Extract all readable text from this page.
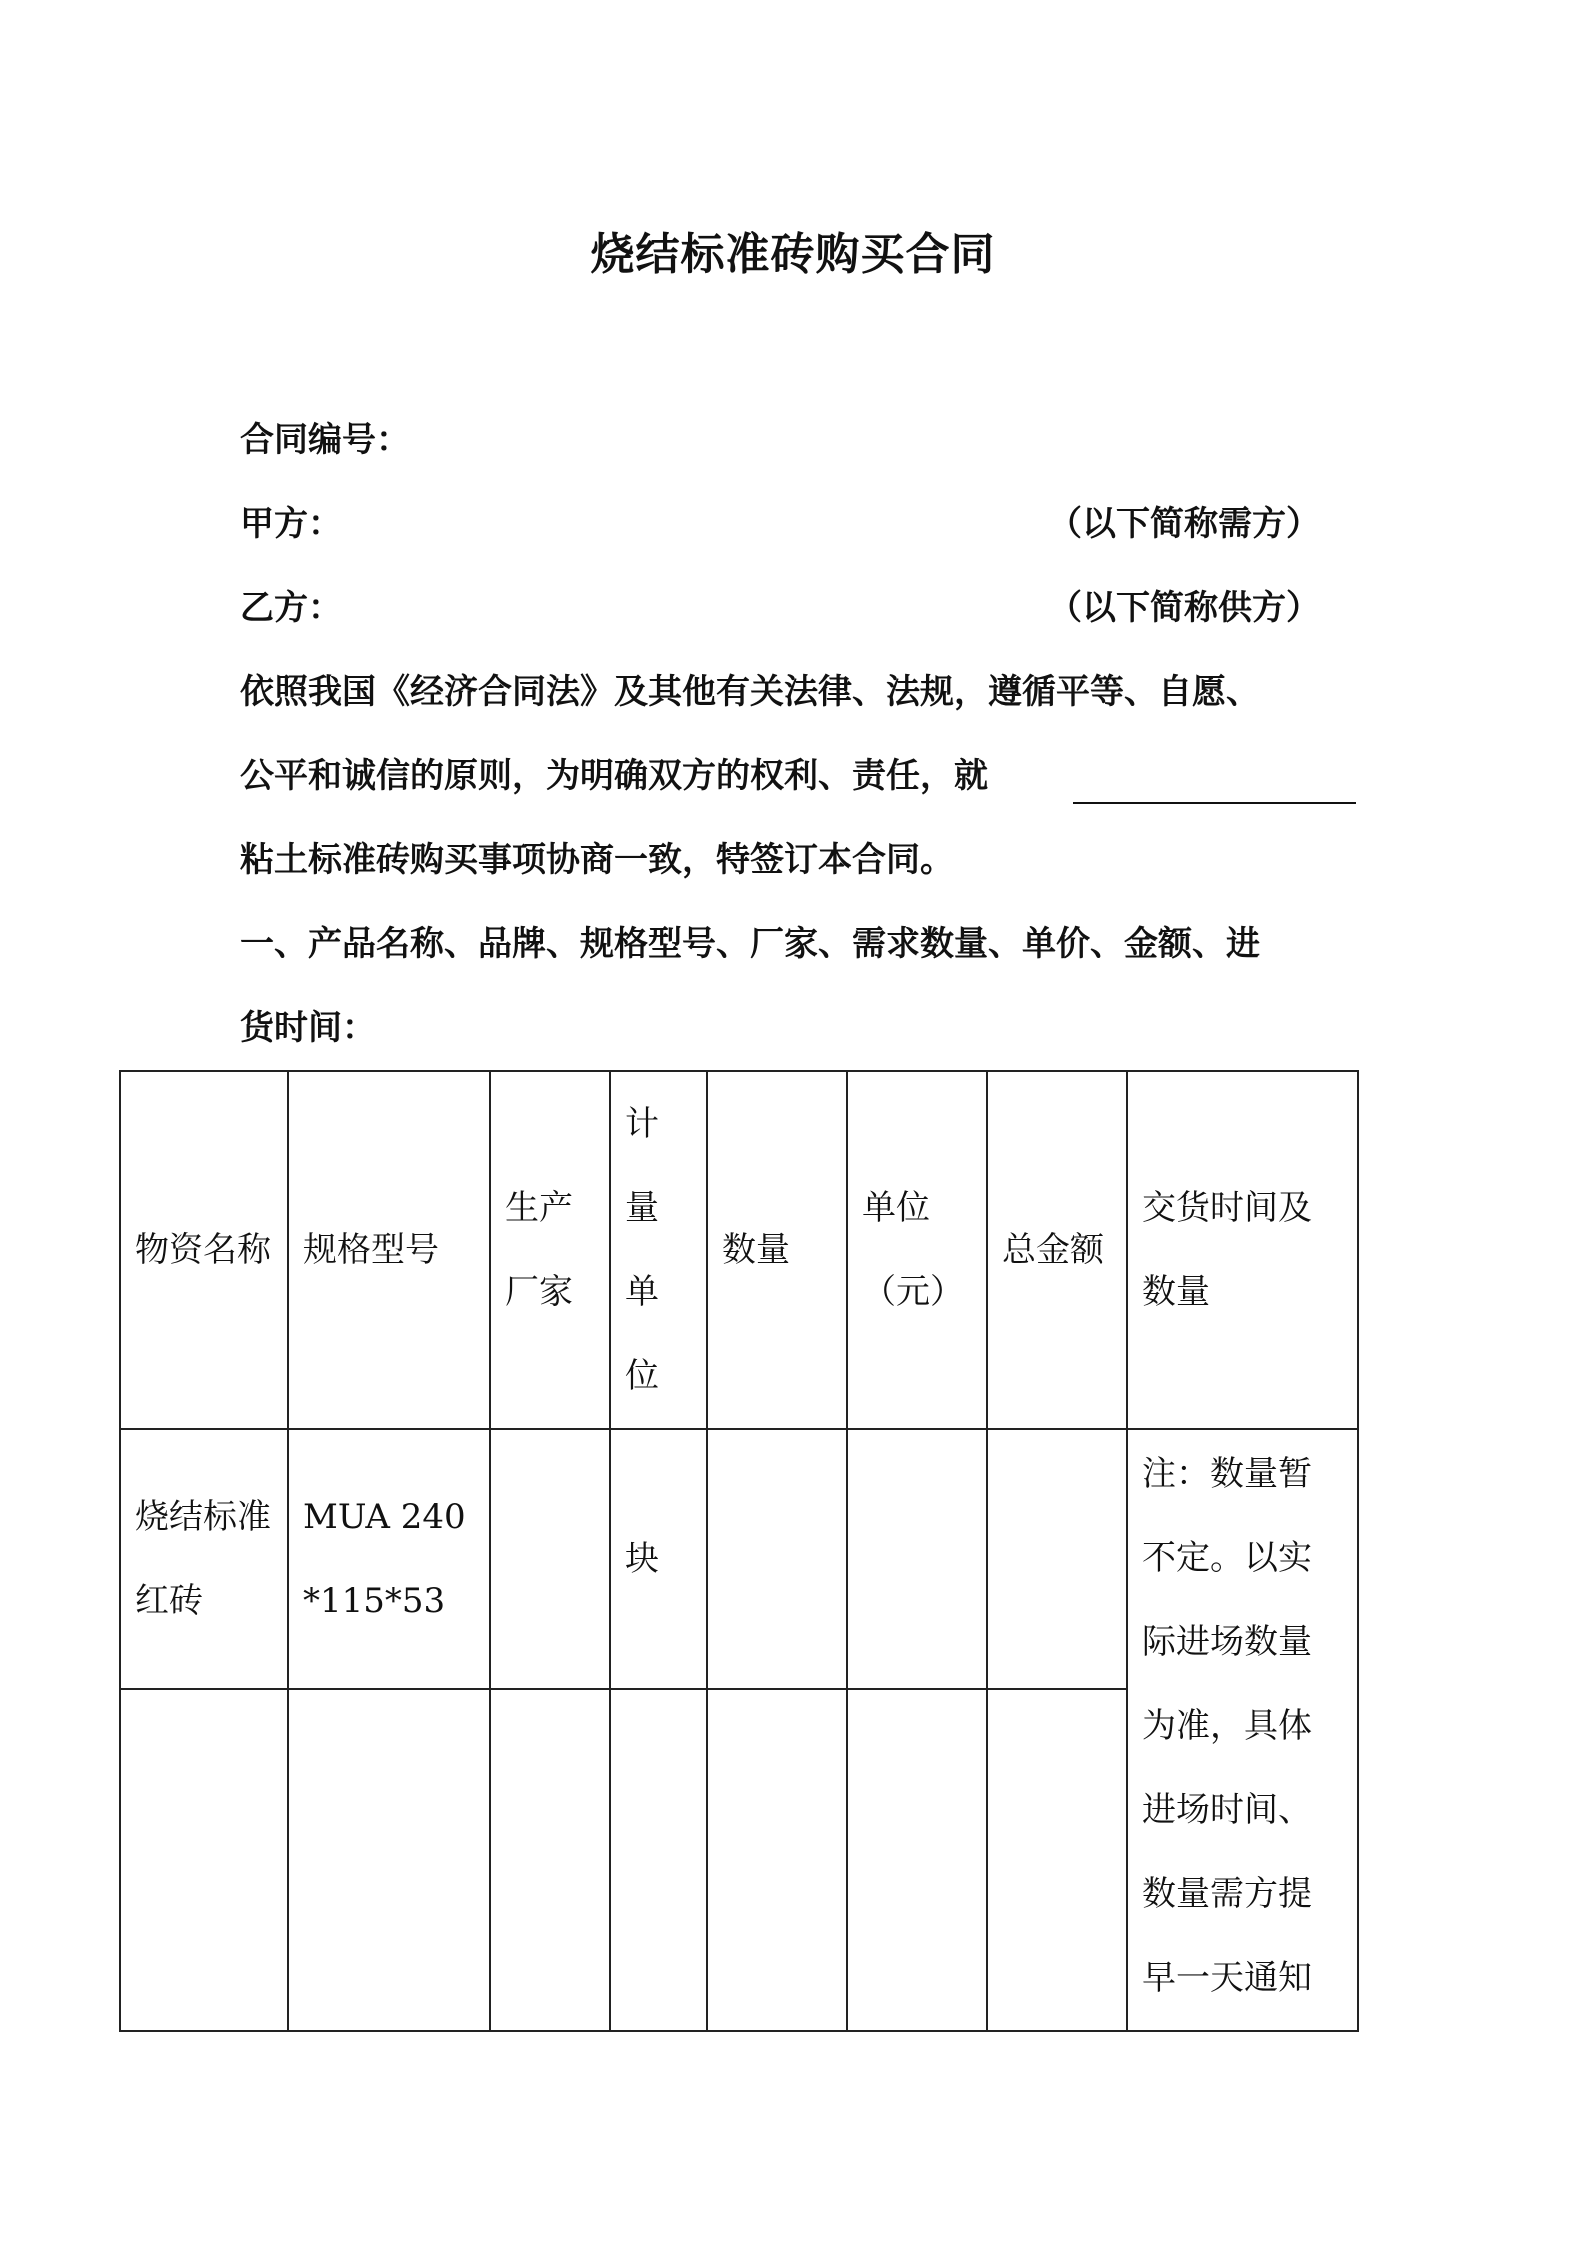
烧结标准砖购买合同
合同编号：
甲方：	（以下简称需方）
乙方：	（以下简称供方）
依照我国《经济合同法》及其他有关法律、法规，遵循平等、自愿、
公平和诚信的原则，为明确双方的权利、责任，就
粘土标准砖购买事项协商一致，特签订本合同。
一、产品名称、品牌、规格型号、厂家、需求数量、单价、金额、进
货时间：
物资名称	规格型号	生产厂家	计量单位	数量	单位（元）	总金额	交货时间及数量
烧结标准红砖	MUA 240*115*53		块				注：数量暂不定。以实际进场数量为准，具体进场时间、数量需方提早一天通知
